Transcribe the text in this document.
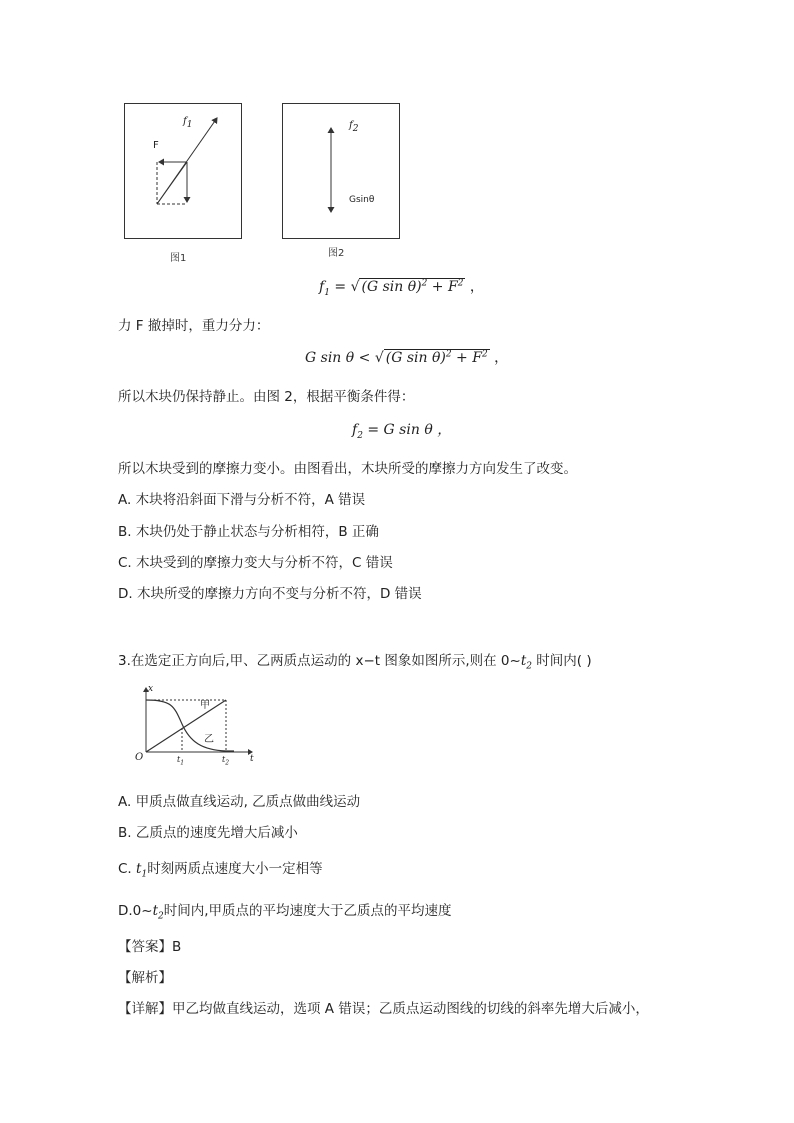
$f_1$
F
图1
$f_2$
Gsinθ
图2
$f_1$ = √ (G $\sin \theta)^2 + F^2$ ，
力 F 撤掉时，重力分力：
G sin θ < √ (G $\sin \theta)^2 + F^2$ ，
所以木块仍保持静止。由图 2，根据平衡条件得：
$f_2 = G$ sin θ ，
所以木块受到的摩擦力变小。由图看出，木块所受的摩擦力方向发生了改变。
A. 木块将沿斜面下滑与分析不符，A 错误
B. 木块仍处于静止状态与分析相符，B 正确
C. 木块受到的摩擦力变大与分析不符，C 错误
D. 木块所受的摩擦力方向不变与分析不符，D 错误
3.在选定正方向后,甲、乙两质点运动的 x−t 图象如图所示,则在 $0\sim t_2$ 时间内( )
x
t
O	$t_1$	$t_2$
甲
乙
A. 甲质点做直线运动, 乙质点做曲线运动
B. 乙质点的速度先增大后减小
C. $t_1$时刻两质点速度大小一定相等
$D.0\sim t_2$时间内,甲质点的平均速度大于乙质点的平均速度
【答案】B
【解析】
【详解】甲乙均做直线运动，选项 A 错误；乙质点运动图线的切线的斜率先增大后减小，
